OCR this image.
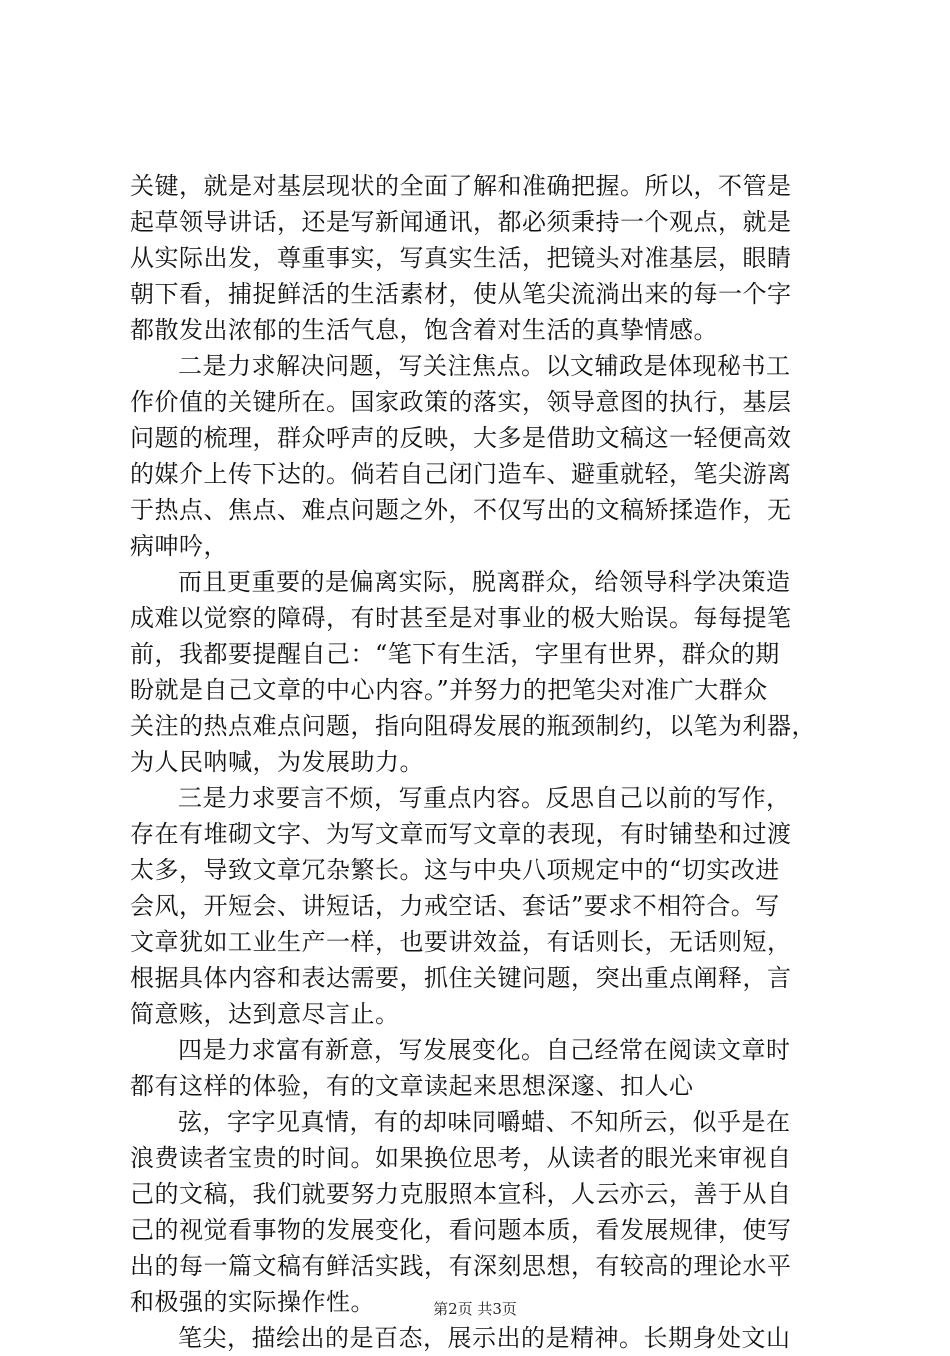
关键，就是对基层现状的全面了解和准确把握。所以，不管是
起草领导讲话，还是写新闻通讯，都必须秉持一个观点，就是
从实际出发，尊重事实，写真实生活，把镜头对准基层，眼睛
朝下看，捕捉鲜活的生活素材，使从笔尖流淌出来的每一个字
都散发出浓郁的生活气息，饱含着对生活的真挚情感。
二是力求解决问题，写关注焦点。以文辅政是体现秘书工
作价值的关键所在。国家政策的落实，领导意图的执行，基层
问题的梳理，群众呼声的反映，大多是借助文稿这一轻便高效
的媒介上传下达的。倘若自己闭门造车、避重就轻，笔尖游离
于热点、焦点、难点问题之外，不仅写出的文稿矫揉造作，无
病呻吟，
而且更重要的是偏离实际，脱离群众，给领导科学决策造
成难以觉察的障碍，有时甚至是对事业的极大贻误。每每提笔
前，我都要提醒自己：“笔下有生活，字里有世界，群众的期
盼就是自己文章的中心内容。”并努力的把笔尖对准广大群众
关注的热点难点问题，指向阻碍发展的瓶颈制约，以笔为利器，
为人民呐喊，为发展助力。
三是力求要言不烦，写重点内容。反思自己以前的写作，
存在有堆砌文字、为写文章而写文章的表现，有时铺垫和过渡
太多，导致文章冗杂繁长。这与中央八项规定中的“切实改进
会风，开短会、讲短话，力戒空话、套话”要求不相符合。写
文章犹如工业生产一样，也要讲效益，有话则长，无话则短，
根据具体内容和表达需要，抓住关键问题，突出重点阐释，言
简意赅，达到意尽言止。
四是力求富有新意，写发展变化。自己经常在阅读文章时
都有这样的体验，有的文章读起来思想深邃、扣人心
弦，字字见真情，有的却味同嚼蜡、不知所云，似乎是在
浪费读者宝贵的时间。如果换位思考，从读者的眼光来审视自
己的文稿，我们就要努力克服照本宣科，人云亦云，善于从自
己的视觉看事物的发展变化，看问题本质，看发展规律，使写
出的每一篇文稿有鲜活实践，有深刻思想，有较高的理论水平
和极强的实际操作性。
笔尖，描绘出的是百态，展示出的是精神。长期身处文山
第2页 共3页
